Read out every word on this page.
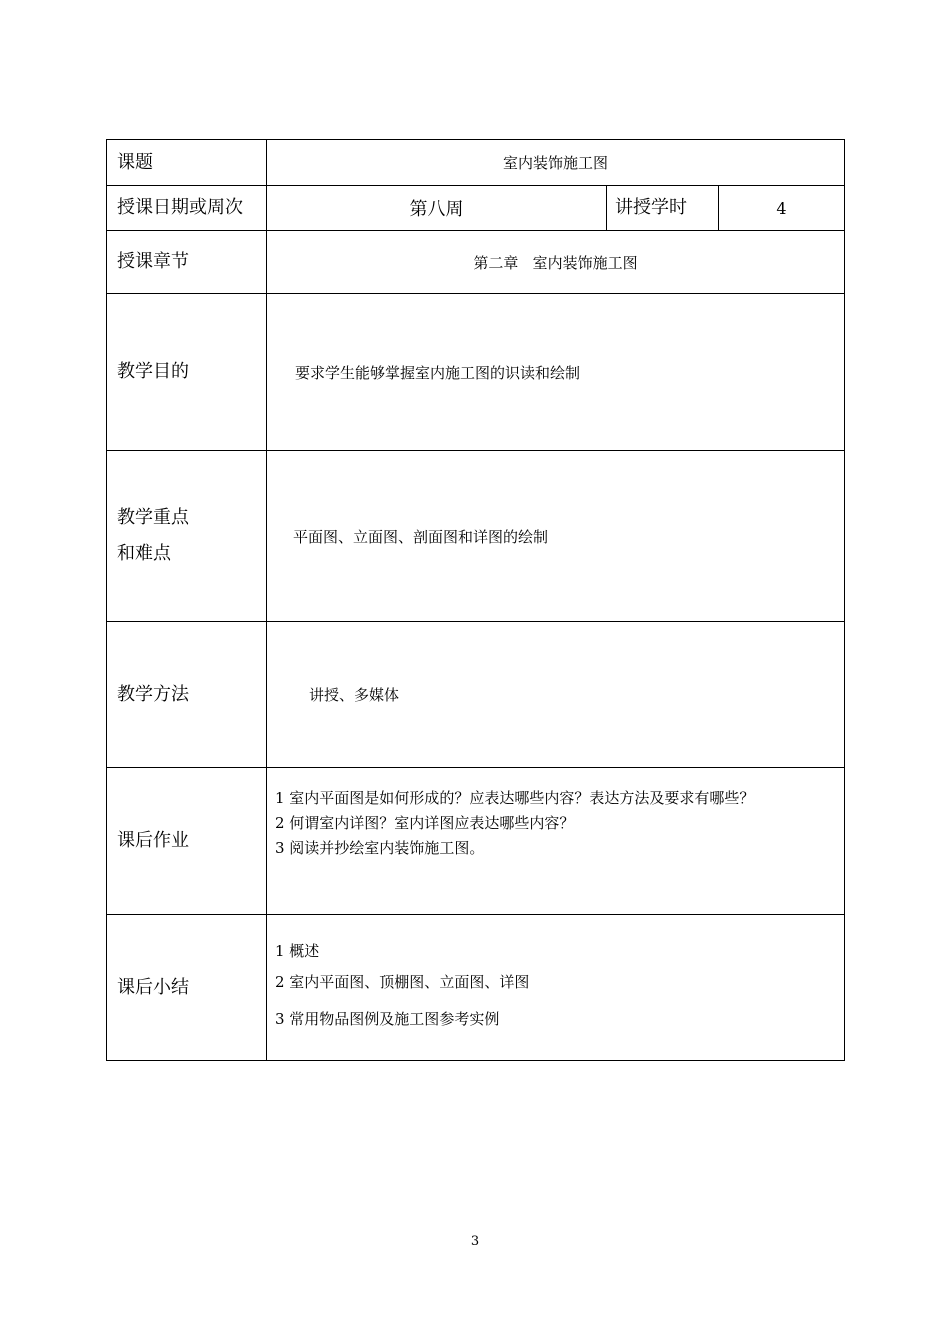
课题	室内装饰施工图		
授课日期或周次	第八周	讲授学时	4
授课章节	第二章   室内装饰施工图		
教学目的	要求学生能够掌握室内施工图的识读和绘制		

教学重点
和难点	平面图、立面图、剖面图和详图的绘制		
教学方法	讲授、多媒体		
课后作业	1 室内平面图是如何形成的？应表达哪些内容？表达方法及要求有哪些？
2 何谓室内详图？室内详图应表达哪些内容？
3 阅读并抄绘室内装饰施工图。		

课后小结	1 概述
2 室内平面图、顶棚图、立面图、详图
3 常用物品图例及施工图参考实例		
3
